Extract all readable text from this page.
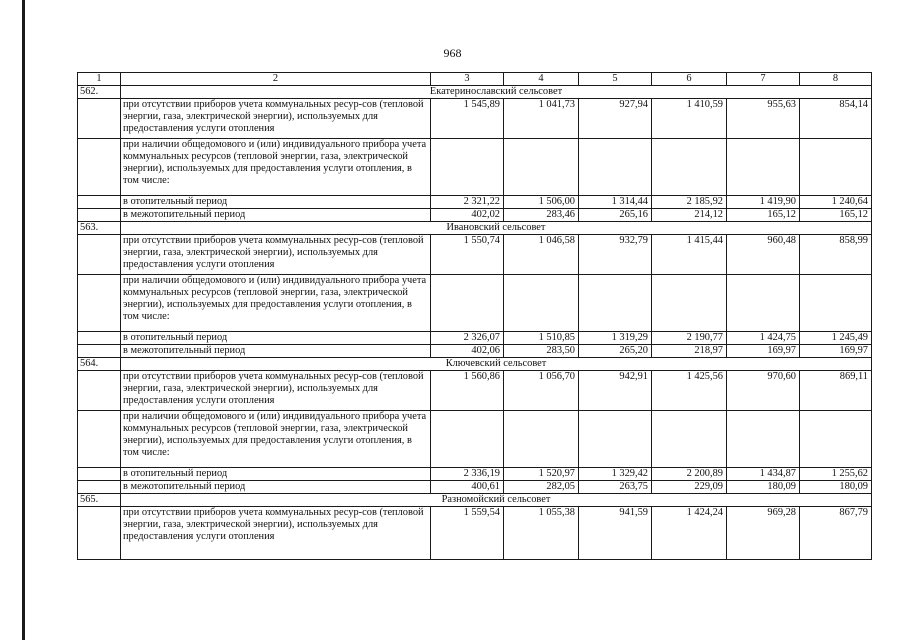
968
1	2	3	4	5	6	7	8
562.	Екатеринославский сельсовет						
	при отсутствии приборов учета коммунальных ресур-сов (тепловой энергии, газа, электрической энергии), используемых для предоставления услуги отопления	1 545,89	1 041,73	927,94	1 410,59	955,63	854,14
	при наличии общедомового и (или) индивидуального прибора учета коммунальных ресурсов (тепловой энергии, газа, электрической энергии), используемых для предоставления услуги отопления, в том числе:						
	в отопительный период	2 321,22	1 506,00	1 314,44	2 185,92	1 419,90	1 240,64
	в межотопительный период	402,02	283,46	265,16	214,12	165,12	165,12
563.	Ивановский сельсовет						
	при отсутствии приборов учета коммунальных ресур-сов (тепловой энергии, газа, электрической энергии), используемых для предоставления услуги отопления	1 550,74	1 046,58	932,79	1 415,44	960,48	858,99
	при наличии общедомового и (или) индивидуального прибора учета коммунальных ресурсов (тепловой энергии, газа, электрической энергии), используемых для предоставления услуги отопления, в том числе:						
	в отопительный период	2 326,07	1 510,85	1 319,29	2 190,77	1 424,75	1 245,49
	в межотопительный период	402,06	283,50	265,20	218,97	169,97	169,97
564.	Ключевский сельсовет						
	при отсутствии приборов учета коммунальных ресур-сов (тепловой энергии, газа, электрической энергии), используемых для предоставления услуги отопления	1 560,86	1 056,70	942,91	1 425,56	970,60	869,11
	при наличии общедомового и (или) индивидуального прибора учета коммунальных ресурсов (тепловой энергии, газа, электрической энергии), используемых для предоставления услуги отопления, в том числе:						
	в отопительный период	2 336,19	1 520,97	1 329,42	2 200,89	1 434,87	1 255,62
	в межотопительный период	400,61	282,05	263,75	229,09	180,09	180,09
565.	Разномойский сельсовет						
	при отсутствии приборов учета коммунальных ресур-сов (тепловой энергии, газа, электрической энергии), используемых для предоставления услуги отопления	1 559,54	1 055,38	941,59	1 424,24	969,28	867,79
